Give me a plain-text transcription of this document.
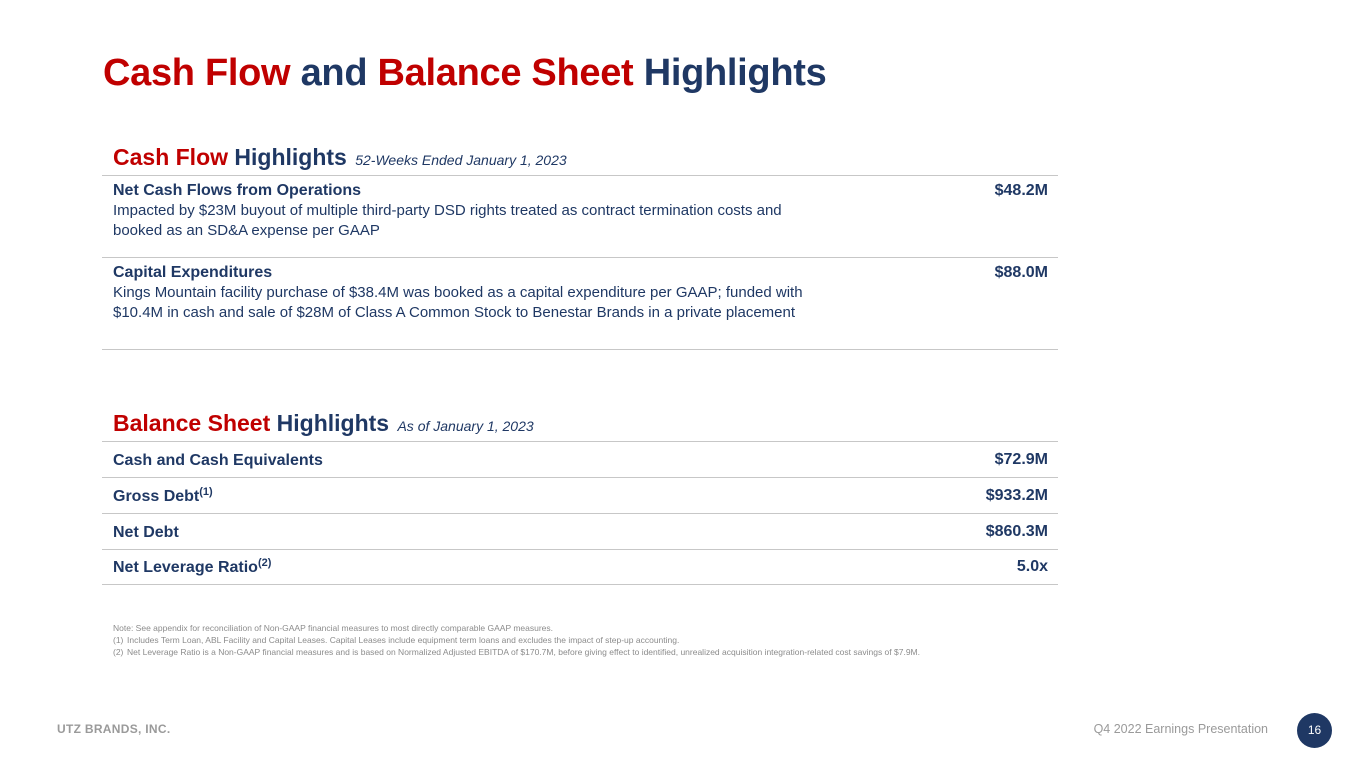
Cash Flow and Balance Sheet Highlights
Cash Flow Highlights 52-Weeks Ended January 1, 2023
Net Cash Flows from Operations
Impacted by $23M buyout of multiple third-party DSD rights treated as contract termination costs and booked as an SD&A expense per GAAP
$48.2M
Capital Expenditures
Kings Mountain facility purchase of $38.4M was booked as a capital expenditure per GAAP; funded with $10.4M in cash and sale of $28M of Class A Common Stock to Benestar Brands in a private placement
$88.0M
Balance Sheet Highlights As of January 1, 2023
Cash and Cash Equivalents	$72.9M
Gross Debt$^{(1)}$	$933.2M
Net Debt	$860.3M
Net Leverage Ratio$^{(2)}$	5.0x
Note: See appendix for reconciliation of Non-GAAP financial measures to most directly comparable GAAP measures.
(1) Includes Term Loan, ABL Facility and Capital Leases. Capital Leases include equipment term loans and excludes the impact of step-up accounting.
(2) Net Leverage Ratio is a Non-GAAP financial measures and is based on Normalized Adjusted EBITDA of $170.7M, before giving effect to identified, unrealized acquisition integration-related cost savings of $7.9M.
UTZ BRANDS, INC.	Q4 2022 Earnings Presentation	16
